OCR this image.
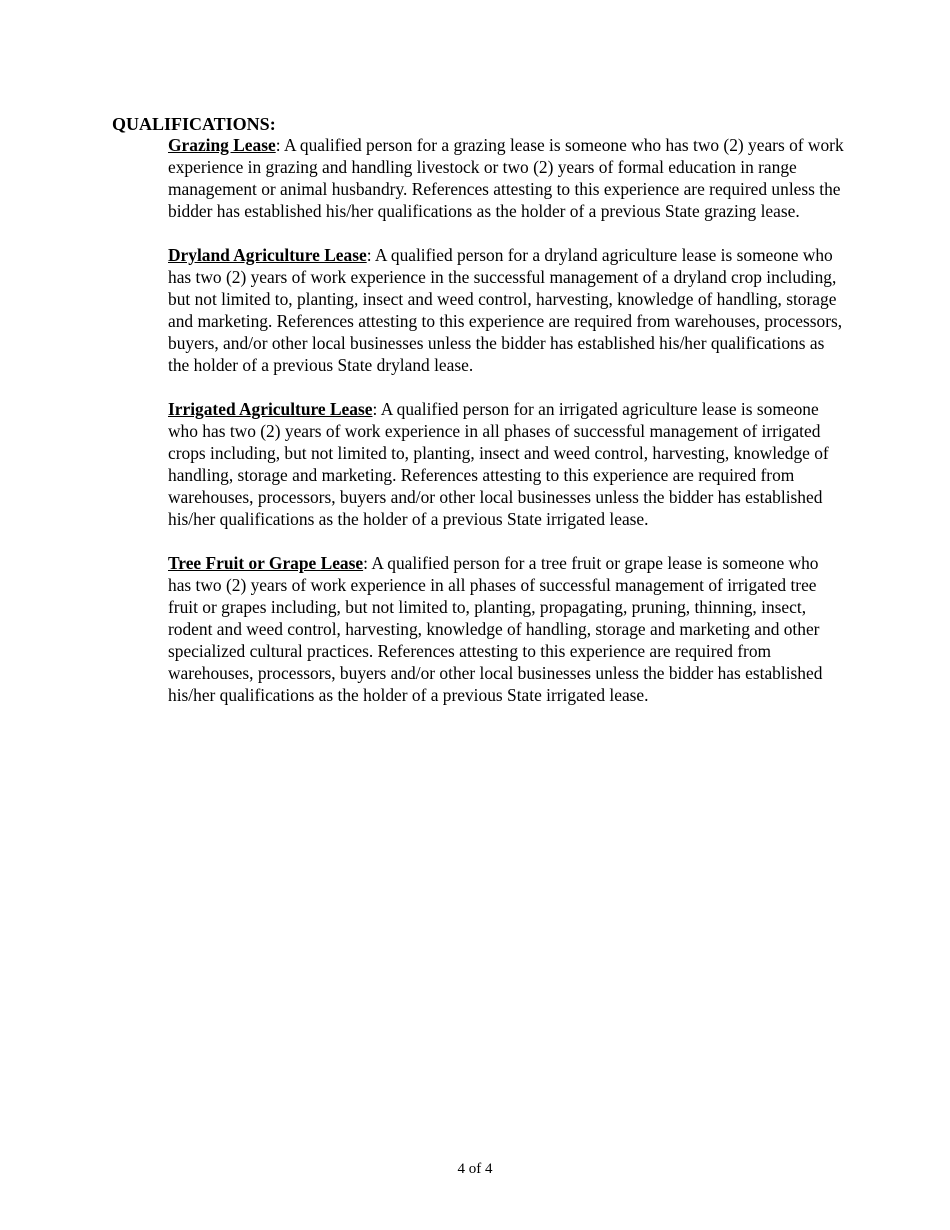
QUALIFICATIONS:

Grazing Lease: A qualified person for a grazing lease is someone who has two (2) years of work experience in grazing and handling livestock or two (2) years of formal education in range management or animal husbandry. References attesting to this experience are required unless the bidder has established his/her qualifications as the holder of a previous State grazing lease.

Dryland Agriculture Lease: A qualified person for a dryland agriculture lease is someone who has two (2) years of work experience in the successful management of a dryland crop including, but not limited to, planting, insect and weed control, harvesting, knowledge of handling, storage and marketing. References attesting to this experience are required from warehouses, processors, buyers, and/or other local businesses unless the bidder has established his/her qualifications as the holder of a previous State dryland lease.

Irrigated Agriculture Lease: A qualified person for an irrigated agriculture lease is someone who has two (2) years of work experience in all phases of successful management of irrigated crops including, but not limited to, planting, insect and weed control, harvesting, knowledge of handling, storage and marketing. References attesting to this experience are required from warehouses, processors, buyers and/or other local businesses unless the bidder has established his/her qualifications as the holder of a previous State irrigated lease.

Tree Fruit or Grape Lease: A qualified person for a tree fruit or grape lease is someone who has two (2) years of work experience in all phases of successful management of irrigated tree fruit or grapes including, but not limited to, planting, propagating, pruning, thinning, insect, rodent and weed control, harvesting, knowledge of handling, storage and marketing and other specialized cultural practices. References attesting to this experience are required from warehouses, processors, buyers and/or other local businesses unless the bidder has established his/her qualifications as the holder of a previous State irrigated lease.

4 of 4
